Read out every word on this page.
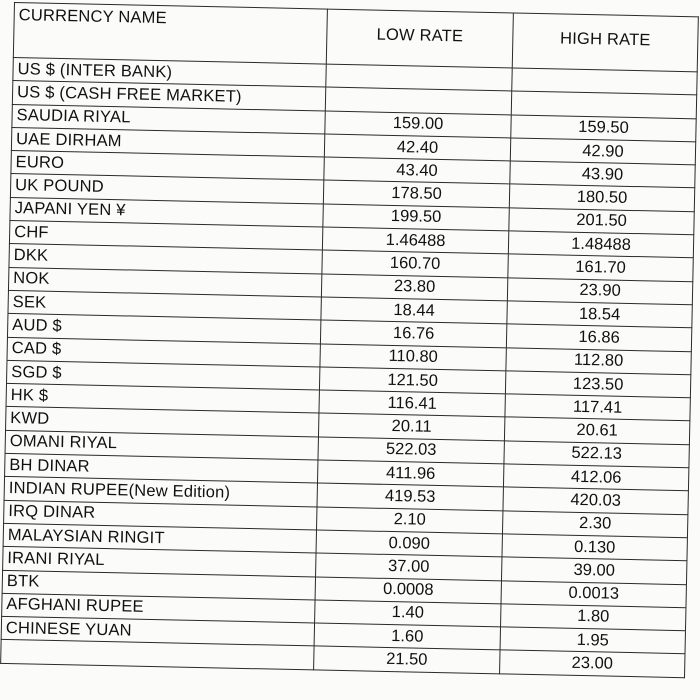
CURRENCY NAME	LOW RATE	HIGH RATE
US $ (INTER BANK)		
US $ (CASH FREE MARKET)		
SAUDIA RIYAL	159.00	159.50
UAE DIRHAM	42.40	42.90
EURO	43.40	43.90
UK POUND	178.50	180.50
JAPANI YEN ¥	199.50	201.50
CHF	1.46488	1.48488
DKK	160.70	161.70
NOK	23.80	23.90
SEK	18.44	18.54
AUD $	16.76	16.86
CAD $	110.80	112.80
SGD $	121.50	123.50
HK $	116.41	117.41
KWD	20.11	20.61
OMANI RIYAL	522.03	522.13
BH DINAR	411.96	412.06
INDIAN RUPEE(New Edition)	419.53	420.03
IRQ DINAR	2.10	2.30
MALAYSIAN RINGIT	0.090	0.130
IRANI RIYAL	37.00	39.00
BTK	0.0008	0.0013
AFGHANI RUPEE	1.40	1.80
CHINESE YUAN	1.60	1.95
	21.50	23.00
